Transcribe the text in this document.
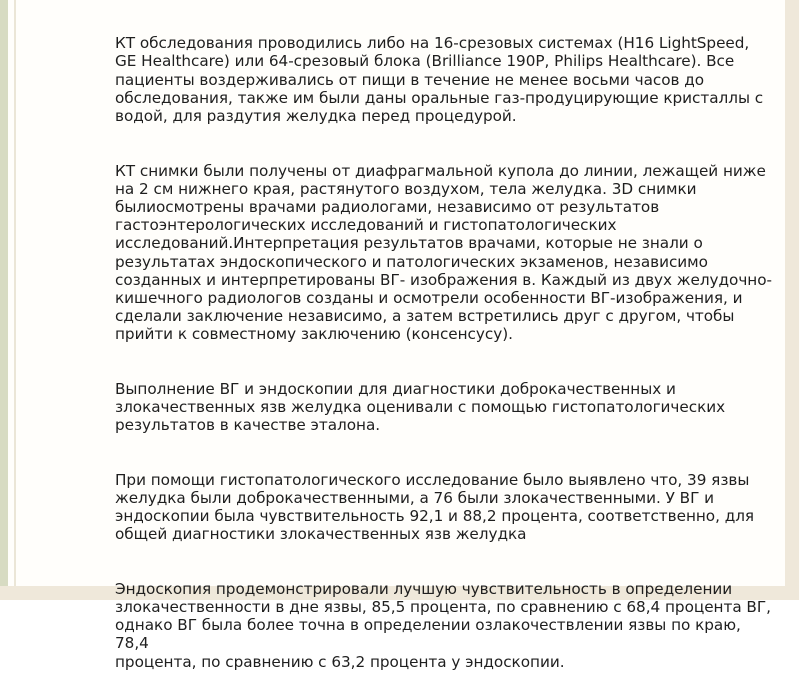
КТ обследования проводились либо на 16-срезовых системах (H16 LightSpeed,
GE Healthcare) или 64-срезовый блока (Brilliance 190P, Philips Healthcare). Все
пациенты воздерживались от пищи в течение не менее восьми часов до
обследования, также им были даны оральные газ-продуцирующие кристаллы с
водой, для раздутия желудка перед процедурой.

КТ снимки были получены от диафрагмальной купола до линии, лежащей ниже
на 2 см нижнего края, растянутого воздухом, тела желудка. 3D снимки
былиосмотрены врачами радиологами, независимо от результатов
гастоэнтерологических исследований и гистопатологических
исследований.Интерпретация результатов врачами, которые не знали о
результатах эндоскопического и патологических экзаменов, независимо
созданных и интерпретированы ВГ- изображения в. Каждый из двух желудочно-
кишечного радиологов созданы и осмотрели особенности ВГ-изображения, и
сделали заключение независимо, а затем встретились друг с другом, чтобы
прийти к совместному заключению (консенсусу).

Выполнение ВГ и эндоскопии для диагностики доброкачественных и
злокачественных язв желудка оценивали с помощью гистопатологических
результатов в качестве эталона.

При помощи гистопатологического исследование было выявлено что, 39 язвы
желудка были доброкачественными, а 76 были злокачественными. У ВГ и
эндоскопии была чувствительность 92,1 и 88,2 процента, соответственно, для
общей диагностики злокачественных язв желудка

Эндоскопия продемонстрировали лучшую чувствительность в определении
злокачественности в дне язвы, 85,5 процента, по сравнению с 68,4 процента ВГ,
однако ВГ была более точна в определении озлакочествлении язвы по краю, 78,4
процента, по сравнению с 63,2 процента у эндоскопии.
